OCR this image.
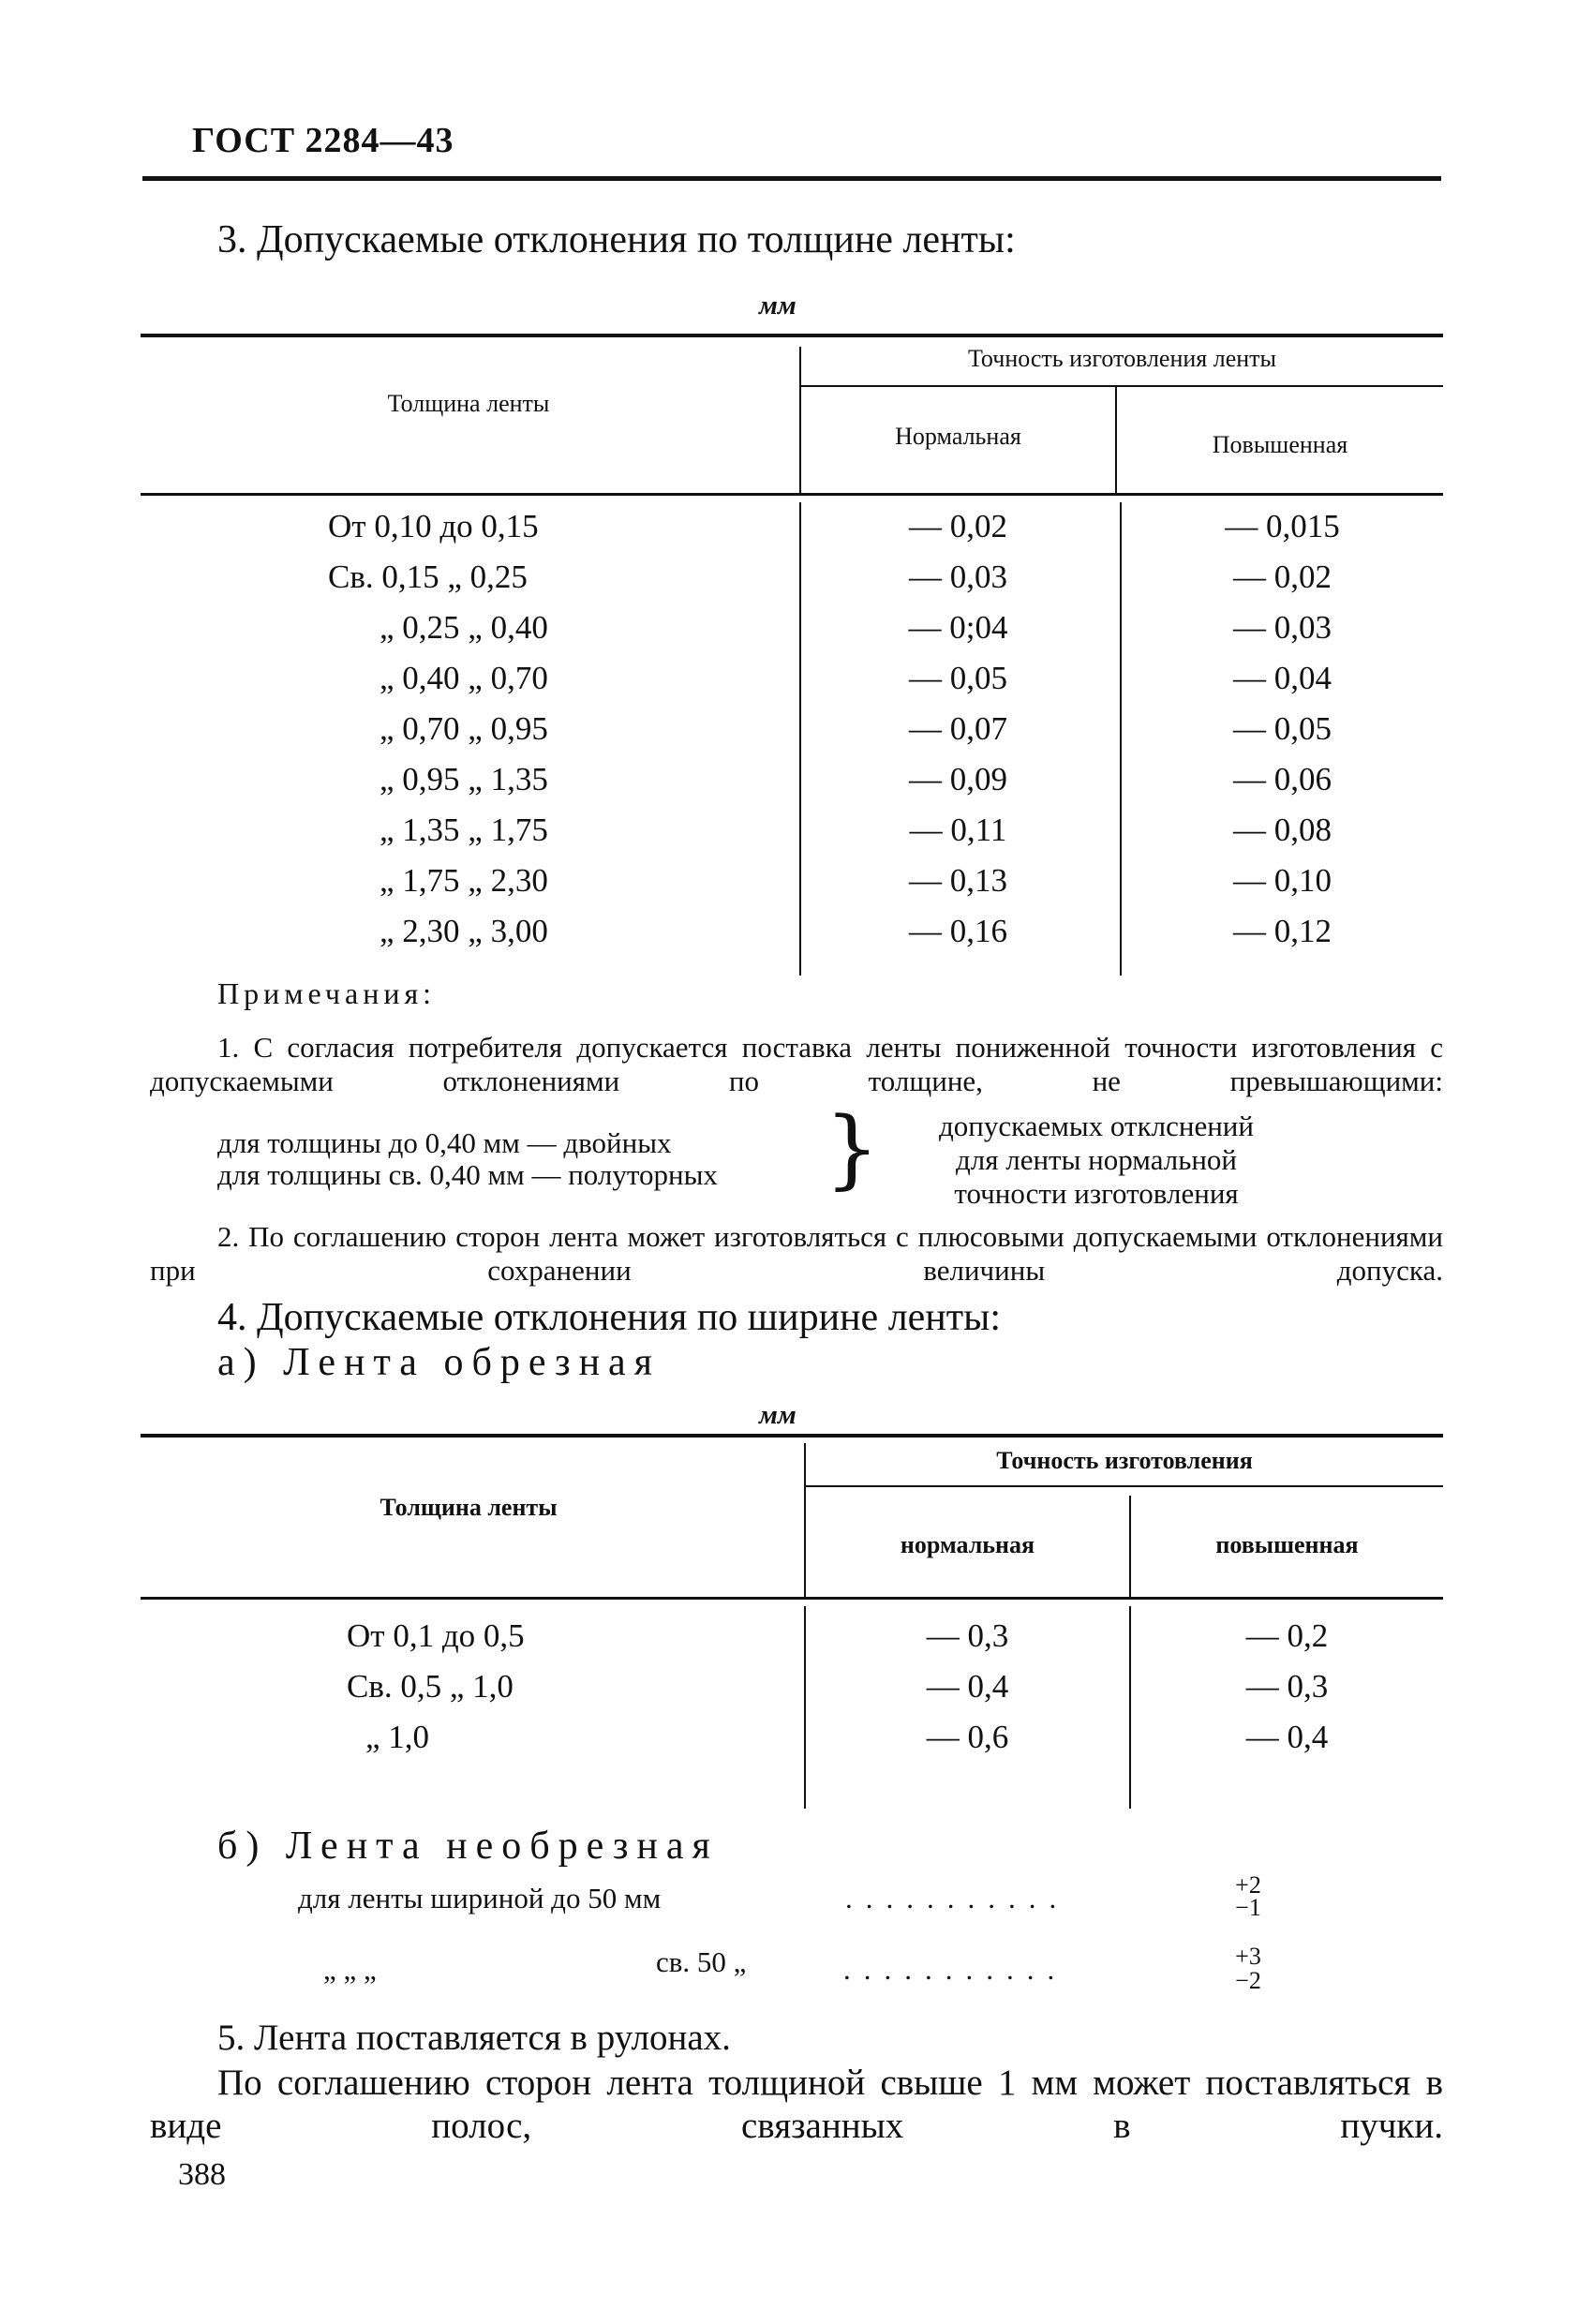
ГОСТ 2284—43
3. Допускаемые отклонения по толщине ленты:
мм
Толщина ленты
Точность изготовления ленты
Нормальная	Повышенная
От 0,10 до 0,15	— 0,02	— 0,015
Св. 0,15 „ 0,25	— 0,03	— 0,02
„ 0,25 „ 0,40	— 0;04	— 0,03
„ 0,40 „ 0,70	— 0,05	— 0,04
„ 0,70 „ 0,95	— 0,07	— 0,05
„ 0,95 „ 1,35	— 0,09	— 0,06
„ 1,35 „ 1,75	— 0,11	— 0,08
„ 1,75 „ 2,30	— 0,13	— 0,10
„ 2,30 „ 3,00	— 0,16	— 0,12
Примечания:
1. С согласия потребителя допускается поставка ленты пониженной точности изготовления с допускаемыми отклонениями по толщине, не превышающими:
для толщины до 0,40 мм — двойных
для толщины св. 0,40 мм — полуторных }	допускаемых отклснений
для ленты нормальной
точности изготовления
2. По соглашению сторон лента может изготовляться с плюсовыми допускаемыми отклонениями при сохранении величины допуска.
4. Допускаемые отклонения по ширине ленты:
а) Лента обрезная
мм
Толщина ленты
Точность изготовления
нормальная	повышенная
От 0,1 до 0,5	— 0,3	— 0,2
Св. 0,5 „ 1,0	— 0,4	— 0,3
„ 1,0	— 0,6	— 0,4
б) Лента необрезная
для ленты шириной до 50 мм	...........	+2
−1
„ „ „	св. 50 „	...........	+3
−2
5. Лента поставляется в рулонах.
По соглашению сторон лента толщиной свыше 1 мм может поставляться в виде полос, связанных в пучки.
388
